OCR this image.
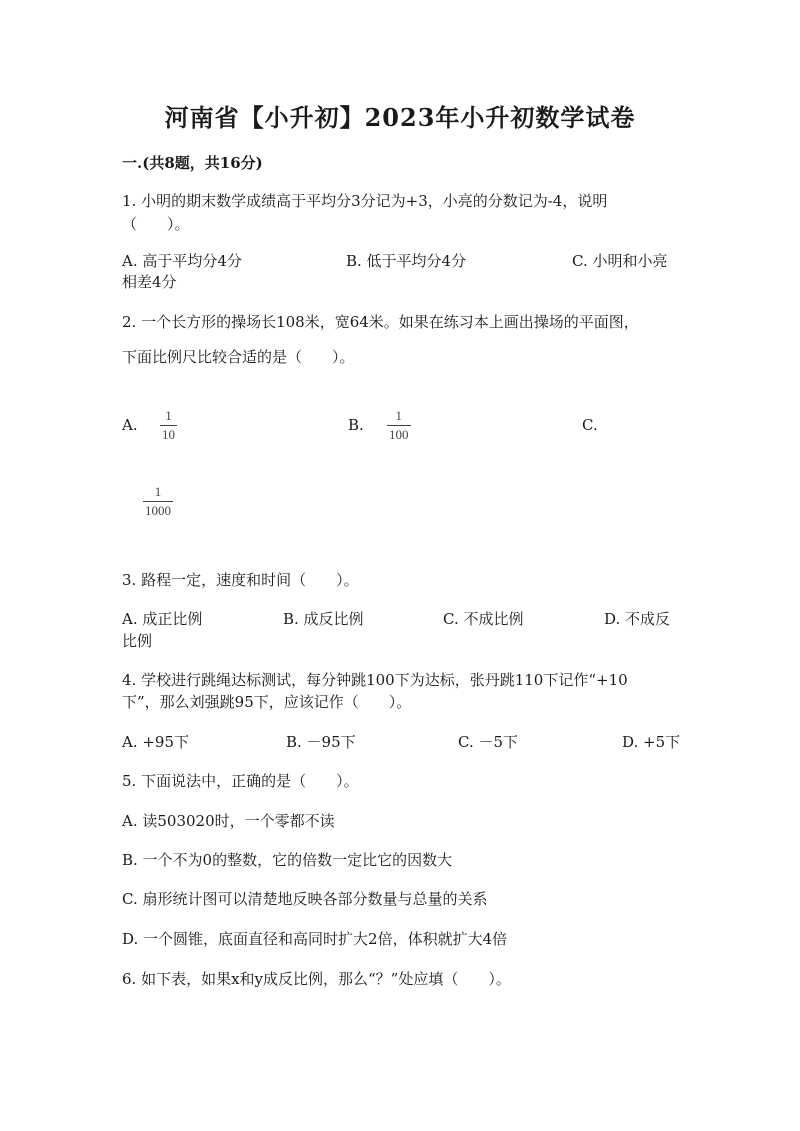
河南省【小升初】2023年小升初数学试卷
一.(共8题，共16分)
1. 小明的期末数学成绩高于平均分3分记为+3，小亮的分数记为-4，说明
（　　）。
A. 高于平均分4分	B. 低于平均分4分	C. 小明和小亮
相差4分
2. 一个长方形的操场长108米，宽64米。如果在练习本上画出操场的平面图，
下面比例尺比较合适的是（　　）。
A.
1
10
B.
1
100
C.
1
1000
3. 路程一定，速度和时间（　　）。
A. 成正比例	B. 成反比例	C. 不成比例	D. 不成反
比例
4. 学校进行跳绳达标测试，每分钟跳100下为达标，张丹跳110下记作“+10
下”，那么刘强跳95下，应该记作（　　）。
A. +95下	B. －95下	C. －5下	D. +5下
5. 下面说法中，正确的是（　　）。
A. 读503020时，一个零都不读
B. 一个不为0的整数，它的倍数一定比它的因数大
C. 扇形统计图可以清楚地反映各部分数量与总量的关系
D. 一个圆锥，底面直径和高同时扩大2倍，体积就扩大4倍
6. 如下表，如果x和y成反比例，那么“？”处应填（　　）。
